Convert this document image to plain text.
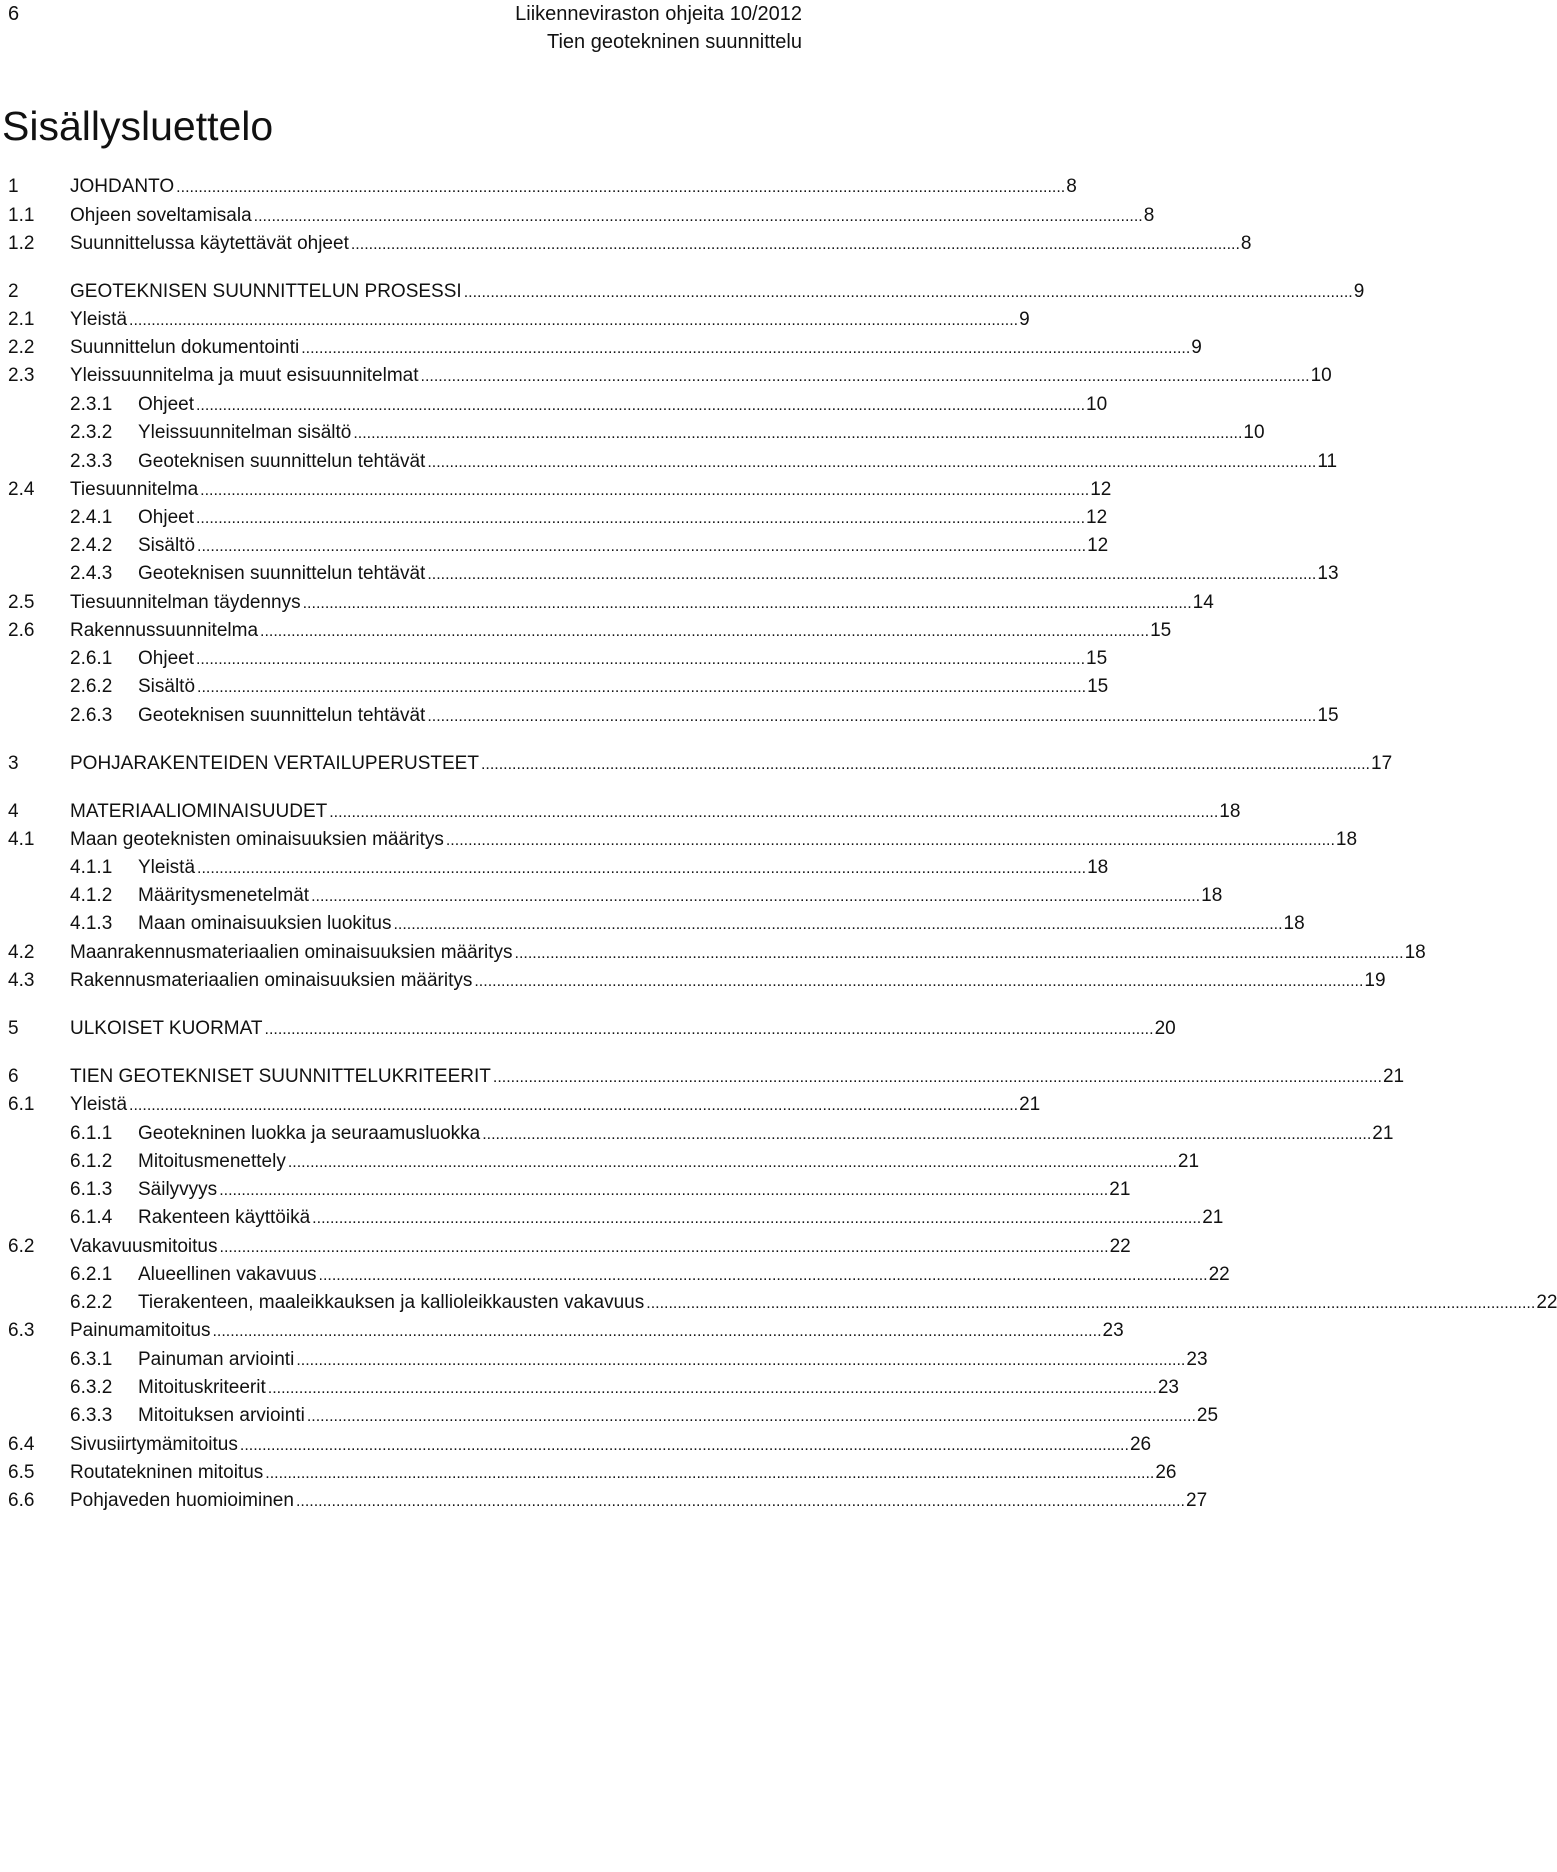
6	Liikenneviraston ohjeita 10/2012
Tien geotekninen suunnittelu
Sisällysluettelo
1	JOHDANTO ........................................................................................................................................................................................................ 8
1.1 Ohjeen soveltamisala ........................................................................................................................................................................................................ 8
1.2 Suunnittelussa käytettävät ohjeet ........................................................................................................................................................................................................ 8
2	GEOTEKNISEN SUUNNITTELUN PROSESSI ........................................................................................................................................................................................................ 9
2.1 Yleistä ........................................................................................................................................................................................................ 9
2.2 Suunnittelun dokumentointi ........................................................................................................................................................................................................ 9
2.3 Yleissuunnitelma ja muut esisuunnitelmat ........................................................................................................................................................................................................ 10
2.3.1 Ohjeet ........................................................................................................................................................................................................ 10
2.3.2 Yleissuunnitelman sisältö ........................................................................................................................................................................................................ 10
2.3.3 Geoteknisen suunnittelun tehtävät ........................................................................................................................................................................................................ 11
2.4 Tiesuunnitelma ........................................................................................................................................................................................................ 12
2.4.1 Ohjeet ........................................................................................................................................................................................................ 12
2.4.2 Sisältö ........................................................................................................................................................................................................ 12
2.4.3 Geoteknisen suunnittelun tehtävät ........................................................................................................................................................................................................ 13
2.5 Tiesuunnitelman täydennys ........................................................................................................................................................................................................ 14
2.6 Rakennussuunnitelma ........................................................................................................................................................................................................ 15
2.6.1 Ohjeet ........................................................................................................................................................................................................ 15
2.6.2 Sisältö ........................................................................................................................................................................................................ 15
2.6.3 Geoteknisen suunnittelun tehtävät ........................................................................................................................................................................................................ 15
3	POHJARAKENTEIDEN VERTAILUPERUSTEET ........................................................................................................................................................................................................ 17
4	MATERIAALIOMINAISUUDET ........................................................................................................................................................................................................ 18
4.1 Maan geoteknisten ominaisuuksien määritys ........................................................................................................................................................................................................ 18
4.1.1 Yleistä ........................................................................................................................................................................................................ 18
4.1.2 Määritysmenetelmät ........................................................................................................................................................................................................ 18
4.1.3 Maan ominaisuuksien luokitus ........................................................................................................................................................................................................ 18
4.2 Maanrakennusmateriaalien ominaisuuksien määritys ........................................................................................................................................................................................................ 18
4.3 Rakennusmateriaalien ominaisuuksien määritys ........................................................................................................................................................................................................ 19
5	ULKOISET KUORMAT ........................................................................................................................................................................................................ 20
6	TIEN GEOTEKNISET SUUNNITTELUKRITEERIT ........................................................................................................................................................................................................ 21
6.1 Yleistä ........................................................................................................................................................................................................ 21
6.1.1 Geotekninen luokka ja seuraamusluokka ........................................................................................................................................................................................................ 21
6.1.2 Mitoitusmenettely ........................................................................................................................................................................................................ 21
6.1.3 Säilyvyys ........................................................................................................................................................................................................ 21
6.1.4 Rakenteen käyttöikä ........................................................................................................................................................................................................ 21
6.2 Vakavuusmitoitus ........................................................................................................................................................................................................ 22
6.2.1 Alueellinen vakavuus ........................................................................................................................................................................................................ 22
6.2.2 Tierakenteen, maaleikkauksen ja kallioleikkausten vakavuus ........................................................................................................................................................................................................ 22
6.3 Painumamitoitus ........................................................................................................................................................................................................ 23
6.3.1 Painuman arviointi ........................................................................................................................................................................................................ 23
6.3.2 Mitoituskriteerit ........................................................................................................................................................................................................ 23
6.3.3 Mitoituksen arviointi ........................................................................................................................................................................................................ 25
6.4 Sivusiirtymämitoitus ........................................................................................................................................................................................................ 26
6.5 Routatekninen mitoitus ........................................................................................................................................................................................................ 26
6.6 Pohjaveden huomioiminen ........................................................................................................................................................................................................ 27
